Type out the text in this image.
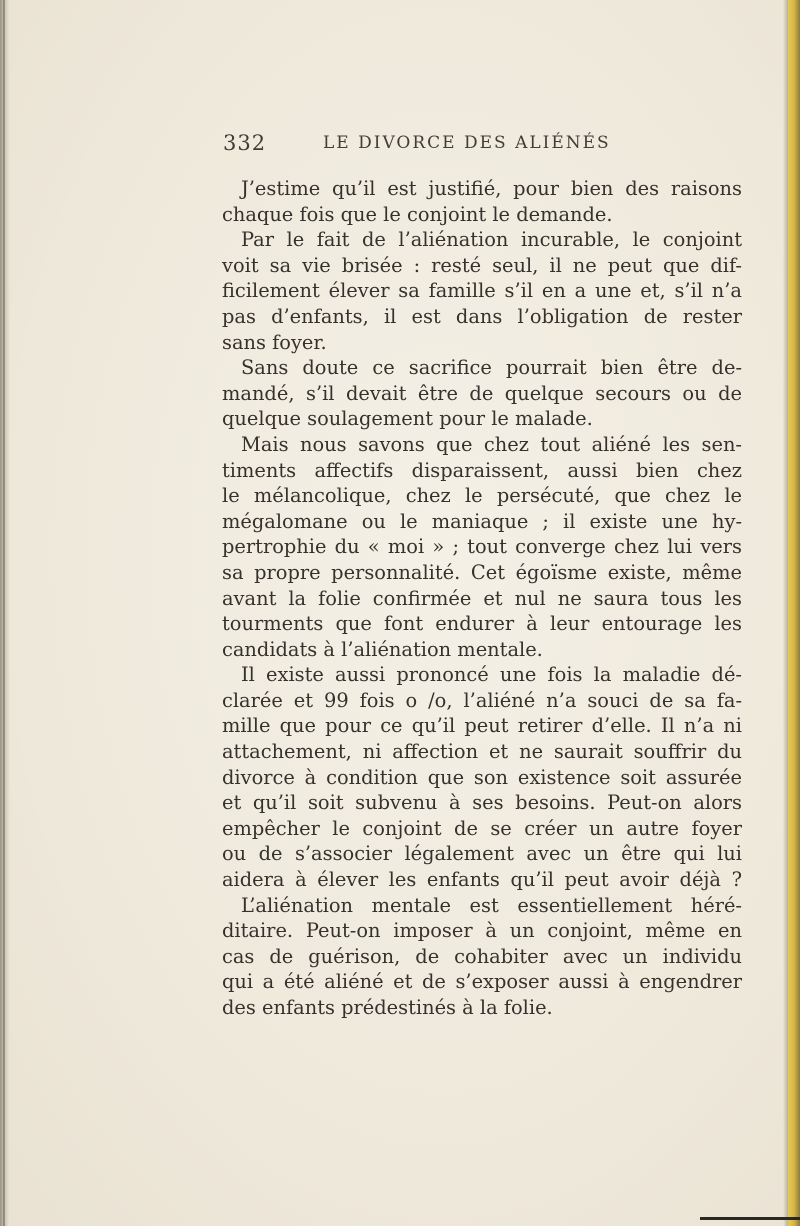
332	LE DIVORCE DES ALIÉNÉS
J’estime qu’il est justifié, pour bien des raisons
chaque fois que le conjoint le demande.
Par le fait de l’aliénation incurable, le conjoint
voit sa vie brisée : resté seul, il ne peut que dif-
ficilement élever sa famille s’il en a une et, s’il n’a
pas d’enfants, il est dans l’obligation de rester
sans foyer.
Sans doute ce sacrifice pourrait bien être de-
mandé, s’il devait être de quelque secours ou de
quelque soulagement pour le malade.
Mais nous savons que chez tout aliéné les sen-
timents affectifs disparaissent, aussi bien chez
le mélancolique, chez le persécuté, que chez le
mégalomane ou le maniaque ; il existe une hy-
pertrophie du « moi » ; tout converge chez lui vers
sa propre personnalité. Cet égoïsme existe, même
avant la folie confirmée et nul ne saura tous les
tourments que font endurer à leur entourage les
candidats à l’aliénation mentale.
Il existe aussi prononcé une fois la maladie dé-
clarée et 99 fois o /o, l’aliéné n’a souci de sa fa-
mille que pour ce qu’il peut retirer d’elle. Il n’a ni
attachement, ni affection et ne saurait souffrir du
divorce à condition que son existence soit assurée
et qu’il soit subvenu à ses besoins. Peut-on alors
empêcher le conjoint de se créer un autre foyer
ou de s’associer légalement avec un être qui lui
aidera à élever les enfants qu’il peut avoir déjà ?
L’aliénation mentale est essentiellement héré-
ditaire. Peut-on imposer à un conjoint, même en
cas de guérison, de cohabiter avec un individu
qui a été aliéné et de s’exposer aussi à engendrer
des enfants prédestinés à la folie.
